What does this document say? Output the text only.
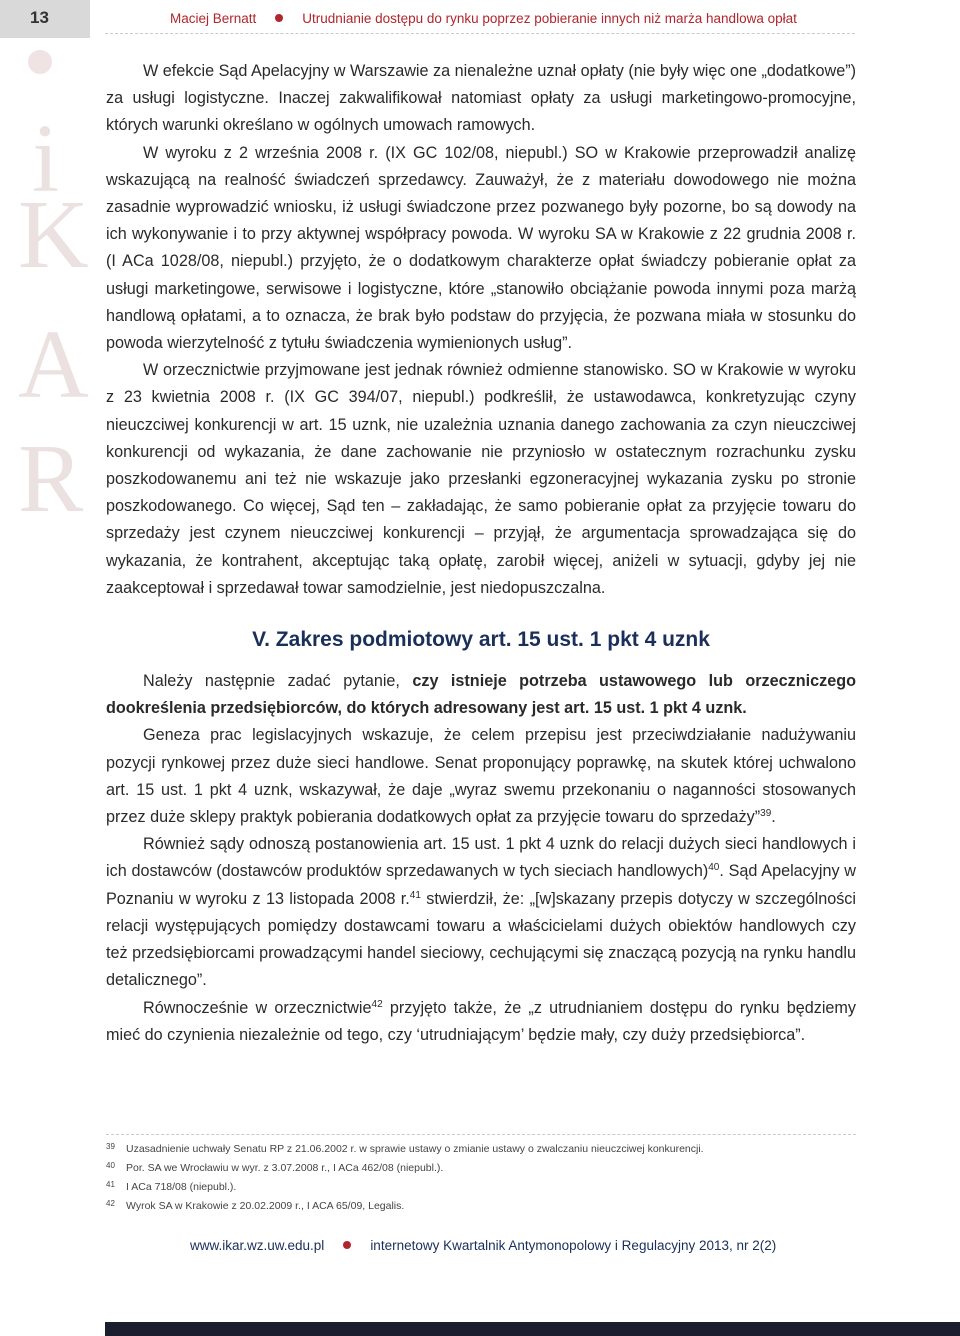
13	Maciej Bernatt	Utrudnianie dostępu do rynku poprzez pobieranie innych niż marża handlowa opłat
i
K
A
R

W efekcie Sąd Apelacyjny w Warszawie za nienależne uznał opłaty (nie były więc one „dodatkowe”) za usługi logistyczne. Inaczej zakwalifikował natomiast opłaty za usługi marketingowo-promocyjne, których warunki określano w ogólnych umowach ramowych.

W wyroku z 2 września 2008 r. (IX GC 102/08, niepubl.) SO w Krakowie przeprowadził analizę wskazującą na realność świadczeń sprzedawcy. Zauważył, że z materiału dowodowego nie można zasadnie wyprowadzić wniosku, iż usługi świadczone przez pozwanego były pozorne, bo są dowody na ich wykonywanie i to przy aktywnej współpracy powoda. W wyroku SA w Krakowie z 22 grudnia 2008 r. (I ACa 1028/08, niepubl.) przyjęto, że o dodatkowym charakterze opłat świadczy pobieranie opłat za usługi marketingowe, serwisowe i logistyczne, które „stanowiło obciążanie powoda innymi poza marżą handlową opłatami, a to oznacza, że brak było podstaw do przyjęcia, że pozwana miała w stosunku do powoda wierzytelność z tytułu świadczenia wymienionych usług”.

W orzecznictwie przyjmowane jest jednak również odmienne stanowisko. SO w Krakowie w wyroku z 23 kwietnia 2008 r. (IX GC 394/07, niepubl.) podkreślił, że ustawodawca, konkretyzując czyny nieuczciwej konkurencji w art. 15 uznk, nie uzależnia uznania danego zachowania za czyn nieuczciwej konkurencji od wykazania, że dane zachowanie nie przyniosło w ostatecznym rozrachunku zysku poszkodowanemu ani też nie wskazuje jako przesłanki egzoneracyjnej wykazania zysku po stronie poszkodowanego. Co więcej, Sąd ten – zakładając, że samo pobieranie opłat za przyjęcie towaru do sprzedaży jest czynem nieuczciwej konkurencji – przyjął, że argumentacja sprowadzająca się do wykazania, że kontrahent, akceptując taką opłatę, zarobił więcej, aniżeli w sytuacji, gdyby jej nie zaakceptował i sprzedawał towar samodzielnie, jest niedopuszczalna.

V. Zakres podmiotowy art. 15 ust. 1 pkt 4 uznk

Należy następnie zadać pytanie, czy istnieje potrzeba ustawowego lub orzeczniczego dookreślenia przedsiębiorców, do których adresowany jest art. 15 ust. 1 pkt 4 uznk.

Geneza prac legislacyjnych wskazuje, że celem przepisu jest przeciwdziałanie nadużywaniu pozycji rynkowej przez duże sieci handlowe. Senat proponujący poprawkę, na skutek której uchwalono art. 15 ust. 1 pkt 4 uznk, wskazywał, że daje „wyraz swemu przekonaniu o naganności stosowanych przez duże sklepy praktyk pobierania dodatkowych opłat za przyjęcie towaru do sprzedaży”$^{39}$.

Również sądy odnoszą postanowienia art. 15 ust. 1 pkt 4 uznk do relacji dużych sieci handlowych i ich dostawców (dostawców produktów sprzedawanych w tych sieciach handlowych)$^{40}$. Sąd Apelacyjny w Poznaniu w wyroku z 13 listopada 2008 r.$^{41}$ stwierdził, że: „[w]skazany przepis dotyczy w szczególności relacji występujących pomiędzy dostawcami towaru a właścicielami dużych obiektów handlowych czy też przedsiębiorcami prowadzącymi handel sieciowy, cechującymi się znaczącą pozycją na rynku handlu detalicznego”.

Równocześnie w orzecznictwie$^{42}$ przyjęto także, że „z utrudnianiem dostępu do rynku będziemy mieć do czynienia niezależnie od tego, czy ‘utrudniającym’ będzie mały, czy duży przedsiębiorca”.

39 Uzasadnienie uchwały Senatu RP z 21.06.2002 r. w sprawie ustawy o zmianie ustawy o zwalczaniu nieuczciwej konkurencji.
40 Por. SA we Wrocławiu w wyr. z 3.07.2008 r., I ACa 462/08 (niepubl.).
41 I ACa 718/08 (niepubl.).
42 Wyrok SA w Krakowie z 20.02.2009 r., I ACA 65/09, Legalis.
www.ikar.wz.uw.edu.pl	internetowy Kwartalnik Antymonopolowy i Regulacyjny 2013, nr 2(2)
